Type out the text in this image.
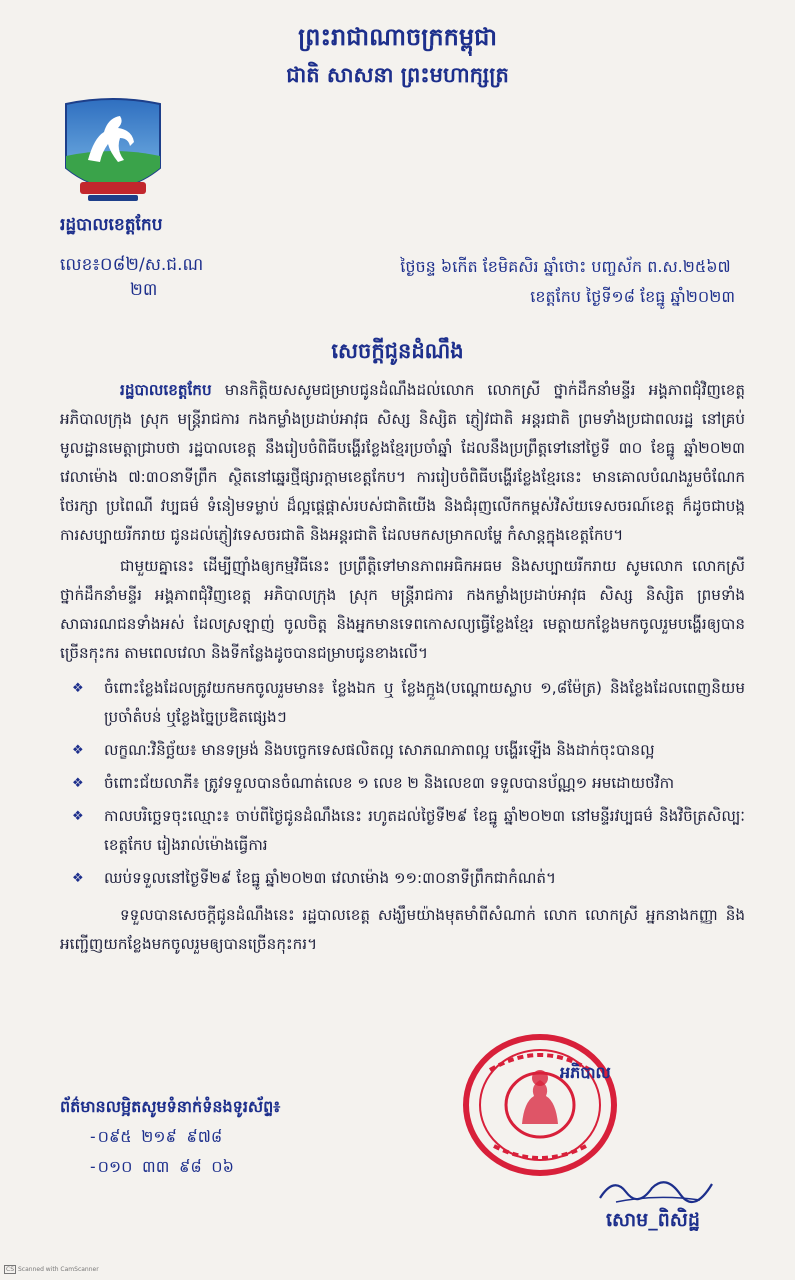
ព្រះរាជាណាចក្រកម្ពុជា
ជាតិ សាសនា ព្រះមហាក្សត្រ
រដ្ឋបាលខេត្តកែប
លេខ៖០៨២/ស.ជ.ណ
២៣
ថ្ងៃចន្ទ ៦កើត ខែមិគសិរ ឆ្នាំថោះ បញ្ចស័ក ព.ស.២៥៦៧
ខេត្តកែប ថ្ងៃទី១៨ ខែធ្នូ ឆ្នាំ២០២៣
សេចក្តីជូនដំណឹង

រដ្ឋបាលខេត្តកែប មានកិត្តិយសសូមជម្រាបជូនដំណឹងដល់លោក លោកស្រី ថ្នាក់ដឹកនាំមន្ទីរ អង្គភាពជុំវិញខេត្ត អភិបាលក្រុង ស្រុក មន្ត្រីរាជការ កងកម្លាំងប្រដាប់អាវុធ សិស្ស និស្សិត ភ្ញៀវជាតិ អន្តរជាតិ ព្រមទាំងប្រជាពលរដ្ឋ នៅគ្រប់មូលដ្ឋានមេត្តាជ្រាបថា រដ្ឋបាលខេត្ត នឹងរៀបចំពិធីបង្ហើរខ្លែងខ្មែរប្រចាំឆ្នាំ ដែលនឹងប្រព្រឹត្តទៅនៅថ្ងៃទី ៣០ ខែធ្នូ ឆ្នាំ២០២៣ វេលាម៉ោង ៧:៣០នាទីព្រឹក ស្ថិតនៅឆ្នេរថ្មីផ្សារក្តាមខេត្តកែប។ ការរៀបចំពិធីបង្ហើរខ្លែងខ្មែរនេះ មានគោលបំណងរួមចំណែកថែរក្សា ប្រពៃណី វប្បធម៌ ទំនៀមទម្លាប់ ដ៏ល្អផ្ដេផ្ដាស់របស់ជាតិយើង និងជំរុញលើកកម្ពស់វិស័យទេសចរណ៍ខេត្ត ក៏ដូចជាបង្កការសប្បាយរីករាយ ជូនដល់ភ្ញៀវទេសចរជាតិ និងអន្តរជាតិ ដែលមកសម្រាកលម្ហែ កំសាន្តក្នុងខេត្តកែប។

ជាមួយគ្នានេះ ដើម្បីញ៉ាំងឲ្យកម្មវិធីនេះ ប្រព្រឹត្តិទៅមានភាពអធិកអធម និងសប្បាយរីករាយ សូមលោក លោកស្រី ថ្នាក់ដឹកនាំមន្ទីរ អង្គភាពជុំវិញខេត្ត អភិបាលក្រុង ស្រុក មន្ត្រីរាជការ កងកម្លាំងប្រដាប់អាវុធ សិស្ស និស្សិត ព្រមទាំងសាធារណជនទាំងអស់ ដែលស្រឡាញ់ ចូលចិត្ត និងអ្នកមានទេពកោសល្យធ្វើខ្លែងខ្មែរ មេត្តាយកខ្លែងមកចូលរួមបង្ហើរឲ្យបានច្រើនកុះករ តាមពេលវេលា និងទីកន្លែងដូចបានជម្រាបជូនខាងលើ។

❖ ចំពោះខ្លែងដែលត្រូវយកមកចូលរួមមាន៖ ខ្លែងឯក ឬ ខ្លែងក្អួង(បណ្តោយស្លាប ១,៨ម៉ែត្រ) និងខ្លែងដែលពេញនិយមប្រចាំតំបន់ ឬខ្លែងច្នៃប្រឌិតផ្សេងៗ
❖ លក្ខណៈវិនិច្ឆ័យ៖ មានទម្រង់ និងបច្ចេកទេសផលិតល្អ សោភណភាពល្អ បង្ហើរឡើង និងដាក់ចុះបានល្អ
❖ ចំពោះជ័យលាភី៖ ត្រូវទទួលបានចំណាត់លេខ ១ លេខ ២ និងលេខ៣ ទទួលបានប័ណ្ណ១ អមដោយថវិកា
❖ កាលបរិច្ឆេទចុះឈ្មោះ៖ ចាប់ពីថ្ងៃជូនដំណឹងនេះ រហូតដល់ថ្ងៃទី២៩ ខែធ្នូ ឆ្នាំ២០២៣ នៅមន្ទីរវប្បធម៌ និងវិចិត្រសិល្បៈខេត្តកែប រៀងរាល់ម៉ោងធ្វើការ
❖ ឈប់ទទួលនៅថ្ងៃទី២៩ ខែធ្នូ ឆ្នាំ២០២៣ វេលាម៉ោង ១១:៣០នាទីព្រឹកជាកំណត់។

ទទួលបានសេចក្តីជូនដំណឹងនេះ រដ្ឋបាលខេត្ត សង្ឃឹមយ៉ាងមុតមាំពីសំណាក់ លោក លោកស្រី អ្នកនាងកញ្ញា និងអញ្ជើញយកខ្លែងមកចូលរួមឲ្យបានច្រើនកុះករ។

ព័ត៌មានលម្អិតសូមទំនាក់ទំនងទូរស័ព្ទ៖
-០៩៥ ២១៩ ៩៧៨
-០១០ ៣៣ ៩៨ ០៦
អភិបាល
សោម_ពិសិដ្ឋ
CS Scanned with CamScanner
